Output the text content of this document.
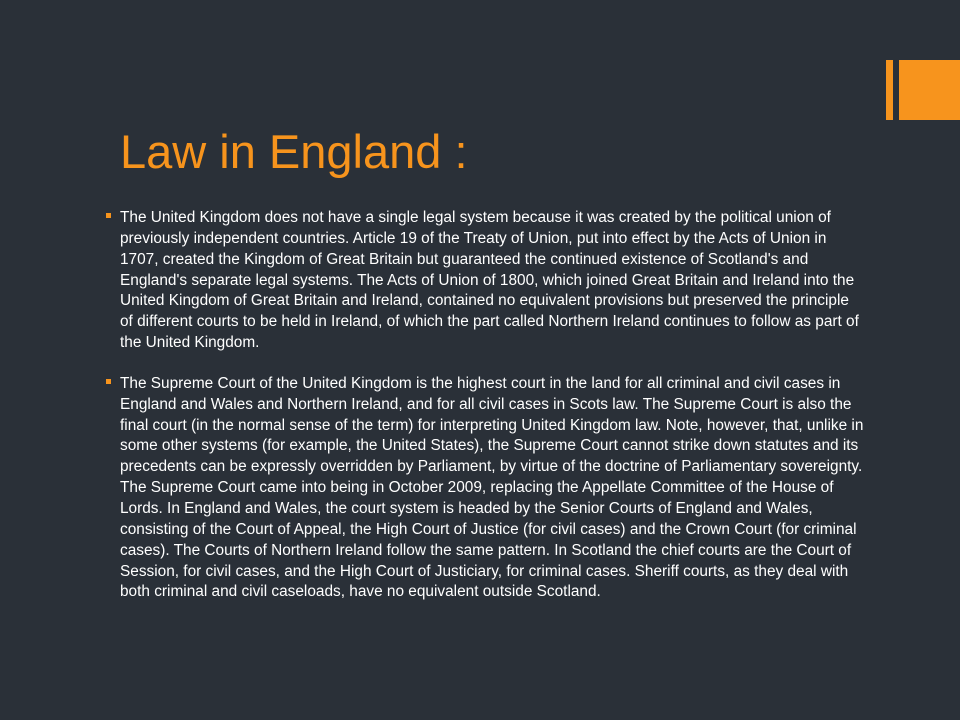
Law in England :
The United Kingdom does not have a single legal system because it was created by the political union of previously independent countries. Article 19 of the Treaty of Union, put into effect by the Acts of Union in 1707, created the Kingdom of Great Britain but guaranteed the continued existence of Scotland's and England's separate legal systems. The Acts of Union of 1800, which joined Great Britain and Ireland into the United Kingdom of Great Britain and Ireland, contained no equivalent provisions but preserved the principle of different courts to be held in Ireland, of which the part called Northern Ireland continues to follow as part of the United Kingdom.
The Supreme Court of the United Kingdom is the highest court in the land for all criminal and civil cases in England and Wales and Northern Ireland, and for all civil cases in Scots law. The Supreme Court is also the final court (in the normal sense of the term) for interpreting United Kingdom law. Note, however, that, unlike in some other systems (for example, the United States), the Supreme Court cannot strike down statutes and its precedents can be expressly overridden by Parliament, by virtue of the doctrine of Parliamentary sovereignty. The Supreme Court came into being in October 2009, replacing the Appellate Committee of the House of Lords. In England and Wales, the court system is headed by the Senior Courts of England and Wales, consisting of the Court of Appeal, the High Court of Justice (for civil cases) and the Crown Court (for criminal cases). The Courts of Northern Ireland follow the same pattern. In Scotland the chief courts are the Court of Session, for civil cases, and the High Court of Justiciary, for criminal cases. Sheriff courts, as they deal with both criminal and civil caseloads, have no equivalent outside Scotland.
